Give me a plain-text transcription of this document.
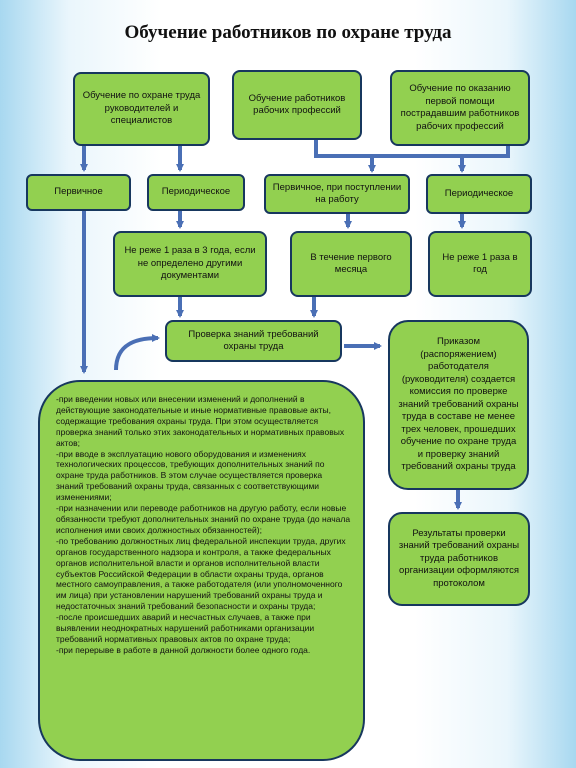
Обучение работников по охране труда
Обучение по охране труда руководителей и специалистов
Обучение работников рабочих профессий
Обучение по оказанию первой помощи пострадавшим работников рабочих профессий
Первичное	Периодическое	Первичное, при поступлении на работу
Периодическое
Не реже 1 раза в 3 года, если не определено другими документами
В течение первого месяца
Не реже 1 раза в год
Проверка знаний требований охраны труда	Приказом (распоряжением) работодателя (руководителя) создается комиссия по проверке знаний требований охраны труда в составе не менее трех человек, прошедших обучение по охране труда и проверку знаний требований охраны труда
Результаты проверки знаний требований охраны труда работников организации оформляются протоколом

-при введении новых или внесении изменений и дополнений в действующие законодательные и иные нормативные правовые акты, содержащие требования охраны труда. При этом осуществляется проверка знаний только этих законодательных и нормативных правовых актов;

-при вводе в эксплуатацию нового оборудования и изменениях технологических процессов, требующих дополнительных знаний по охране труда работников. В этом случае осуществляется проверка знаний требований охраны труда, связанных с соответствующими изменениями;

-при назначении или переводе работников на другую работу, если новые обязанности требуют дополнительных знаний по охране труда (до начала исполнения ими своих должностных обязанностей);

-по требованию должностных лиц федеральной инспекции труда, других органов государственного надзора и контроля, а также федеральных органов исполнительной власти и органов исполнительной власти субъектов Российской Федерации в области охраны труда, органов местного самоуправления, а также работодателя (или уполномоченного им лица) при установлении нарушений требований охраны труда и недостаточных знаний требований безопасности и охраны труда;

-после происшедших аварий и несчастных случаев, а также при выявлении неоднократных нарушений работниками организации требований нормативных правовых актов по охране труда;

-при перерыве в работе в данной должности более одного года.
